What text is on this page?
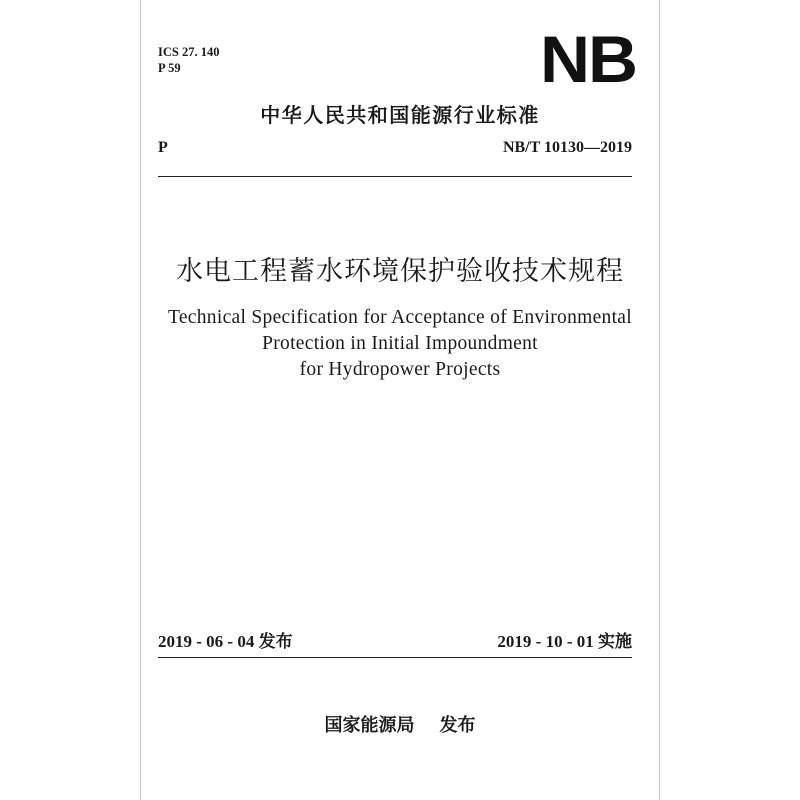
ICS 27. 140
P 59	NB
中华人民共和国能源行业标准
P	NB/T 10130—2019
水电工程蓄水环境保护验收技术规程
Technical Specification for Acceptance of Environmental
Protection in Initial Impoundment
for Hydropower Projects
2019 - 06 - 04 发布	2019 - 10 - 01 实施
国家能源局 发布
